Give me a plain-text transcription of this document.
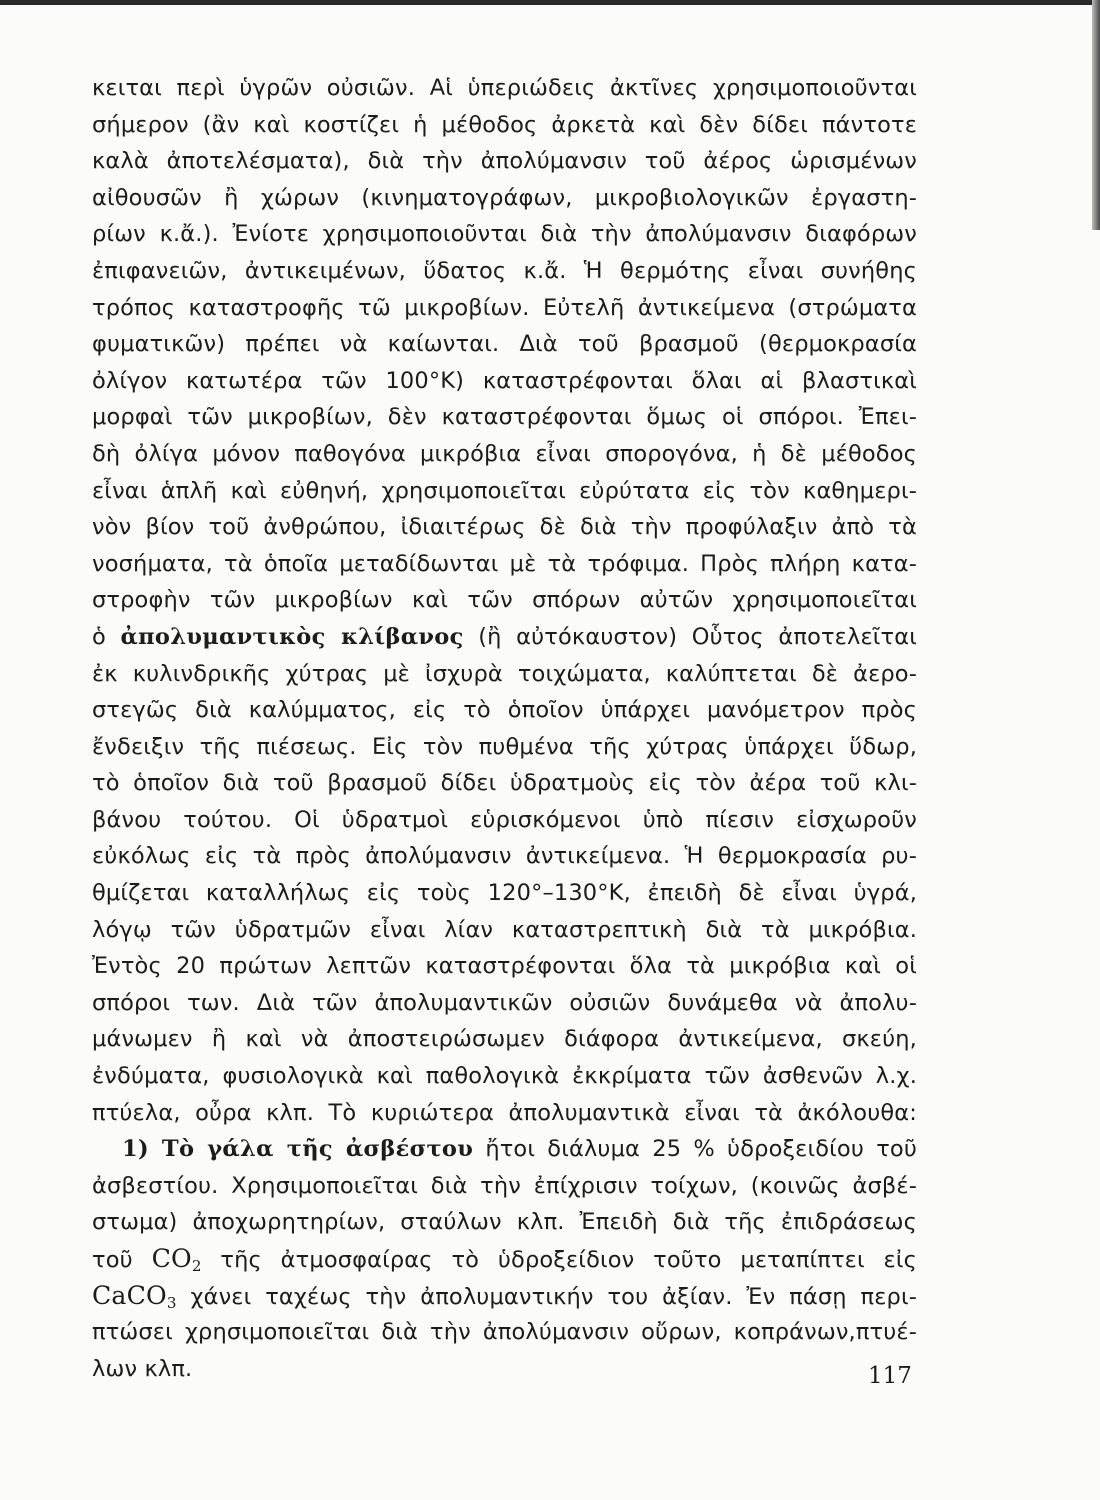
κειται περὶ ὑγρῶν οὐσιῶν. Αἱ ὑπεριώδεις ἀκτῖνες χρησιμοποιοῦνται
σήμερον (ἂν καὶ κοστίζει ἡ μέθοδος ἀρκετὰ καὶ δὲν δίδει πάντοτε
καλὰ ἀποτελέσματα), διὰ τὴν ἀπολύμανσιν τοῦ ἀέρος ὡρισμένων
αἰθουσῶν ἢ χώρων (κινηματογράφων, μικροβιολογικῶν ἐργαστη-
ρίων κ.ἄ.). Ἐνίοτε χρησιμοποιοῦνται διὰ τὴν ἀπολύμανσιν διαφόρων
ἐπιφανειῶν, ἀντικειμένων, ὕδατος κ.ἄ. Ἡ θερμότης εἶναι συνήθης
τρόπος καταστροφῆς τῶ μικροβίων. Εὐτελῆ ἀντικείμενα (στρώματα
φυματικῶν) πρέπει νὰ καίωνται. Διὰ τοῦ βρασμοῦ (θερμοκρασία
ὀλίγον κατωτέρα τῶν 100°Κ) καταστρέφονται ὅλαι αἱ βλαστικαὶ
μορφαὶ τῶν μικροβίων, δὲν καταστρέφονται ὅμως οἱ σπόροι. Ἐπει-
δὴ ὀλίγα μόνον παθογόνα μικρόβια εἶναι σπορογόνα, ἡ δὲ μέθοδος
εἶναι ἁπλῆ καὶ εὐθηνή, χρησιμοποιεῖται εὐρύτατα εἰς τὸν καθημερι-
νὸν βίον τοῦ ἀνθρώπου, ἰδιαιτέρως δὲ διὰ τὴν προφύλαξιν ἀπὸ τὰ
νοσήματα, τὰ ὁποῖα μεταδίδωνται μὲ τὰ τρόφιμα. Πρὸς πλήρη κατα-
στροφὴν τῶν μικροβίων καὶ τῶν σπόρων αὐτῶν χρησιμοποιεῖται
ὁ ἀπολυμαντικὸς κλίβανος (ἢ αὐτόκαυστον) Οὗτος ἀποτελεῖται
ἐκ κυλινδρικῆς χύτρας μὲ ἰσχυρὰ τοιχώματα, καλύπτεται δὲ ἀερο-
στεγῶς διὰ καλύμματος, εἰς τὸ ὁποῖον ὑπάρχει μανόμετρον πρὸς
ἔνδειξιν τῆς πιέσεως. Εἰς τὸν πυθμένα τῆς χύτρας ὑπάρχει ὕδωρ,
τὸ ὁποῖον διὰ τοῦ βρασμοῦ δίδει ὑδρατμοὺς εἰς τὸν ἀέρα τοῦ κλι-
βάνου τούτου. Οἱ ὑδρατμοὶ εὑρισκόμενοι ὑπὸ πίεσιν εἰσχωροῦν
εὐκόλως εἰς τὰ πρὸς ἀπολύμανσιν ἀντικείμενα. Ἡ θερμοκρασία ρυ-
θμίζεται καταλλήλως εἰς τοὺς 120°–130°Κ, ἐπειδὴ δὲ εἶναι ὑγρά,
λόγῳ τῶν ὑδρατμῶν εἶναι λίαν καταστρεπτικὴ διὰ τὰ μικρόβια.
Ἐντὸς 20 πρώτων λεπτῶν καταστρέφονται ὅλα τὰ μικρόβια καὶ οἱ
σπόροι των. Διὰ τῶν ἀπολυμαντικῶν οὐσιῶν δυνάμεθα νὰ ἀπολυ-
μάνωμεν ἢ καὶ νὰ ἀποστειρώσωμεν διάφορα ἀντικείμενα, σκεύη,
ἐνδύματα, φυσιολογικὰ καὶ παθολογικὰ ἐκκρίματα τῶν ἀσθενῶν λ.χ.
πτύελα, οὖρα κλπ. Τὸ κυριώτερα ἀπολυμαντικὰ εἶναι τὰ ἀκόλουθα:
1) Τὸ γάλα τῆς ἀσβέστου ἤτοι διάλυμα 25 % ὑδροξειδίου τοῦ
ἀσβεστίου. Χρησιμοποιεῖται διὰ τὴν ἐπίχρισιν τοίχων, (κοινῶς ἀσβέ-
στωμα) ἀποχωρητηρίων, σταύλων κλπ. Ἐπειδὴ διὰ τῆς ἐπιδράσεως
τοῦ $CO_2$ τῆς ἀτμοσφαίρας τὸ ὑδροξείδιον τοῦτο μεταπίπτει εἰς
CaCO$_3$ χάνει ταχέως τὴν ἀπολυμαντικήν του ἀξίαν. Ἐν πάσῃ περι-
πτώσει χρησιμοποιεῖται διὰ τὴν ἀπολύμανσιν οὔρων, κοπράνων,πτυέ-
λων κλπ.	117
